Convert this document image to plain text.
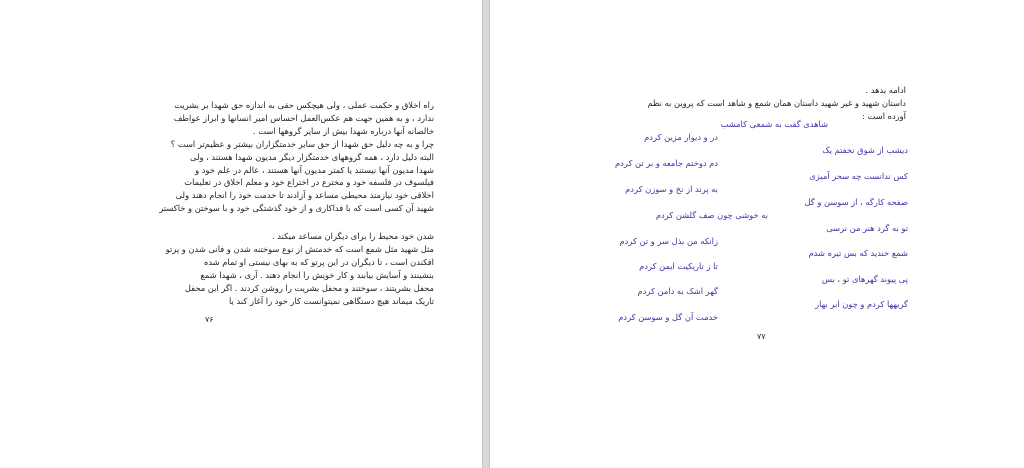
راه اخلاق و حکمت عملی ، ولی هیچکس حقی به اندازه حق شهدا بر بشریت
ندارد ، و به همین جهت هم عکس‌العمل احساس امیر انسانها و ابراز عواطف
خالصانه آنها درباره شهدا بیش از سایر گروهها است .
چرا و به چه دلیل حق شهدا از حق سایر خدمتگزاران بیشتر و عظیم‌تر است ؟
البته دلیل دارد ، همه گروههای خدمتگزار دیگر مدیون شهدا هستند ، ولی
شهدا مدیون آنها نیستند یا کمتر مدیون آنها هستند ، عالم در علم خود و
فیلسوف در فلسفه خود و مخترع در اختراع خود و معلم اخلاق در تعلیمات
اخلاقی خود نیازمند محیطی مساعد و آزادند تا خدمت خود را انجام دهند ولی
شهید آن کسی است که با فداکاری و از خود گذشتگی خود و با سوختن و خاکستر
شدن خود محیط را برای دیگران مساعد میکند .
مثل شهید مثل شمع است که خدمتش از نوع سوختنه شدن و فانی شدن و پرتو
افکندن است ، تا دیگران در این پرتو که به بهای نیستی او تمام شده
بنشینند و آسایش بیابند و کار خویش را انجام دهند . آری ، شهدا شمع
محفل بشریتند ، سوختند و محفل بشریت را روشن کردند . اگر این محفل
تاریک میماند هیچ دستگاهی نمیتوانست کار خود را آغاز کند یا
۷۶
ادامه بدهد .
داستان شهید و غیر شهید داستان همان شمع و شاهد است که پروین به نظم
آورده است :
شاهدی گفت به شمعی کامشب
دیشب از شوق نخفتم یک
کس ندانست چه سحر آمیزی
صفحه کارگه ، از سوسن و گل
تو به گرد هنر من نرسی
شمع خندید که بس تیره شدم
پی پیوند گهرهای تو ، بس
گریهها کردم و چون ابر بهار
در و دیوار مزین کردم
دم دوختم جامعه و بر تن کردم
به پرند از نخ و سوزن کردم
به خوشی چون صف گلشن کردم
زانکه من بذل سر و تن کردم
تا ز تاریکیت ایمن کردم
گهر اشک به دامن کردم
خدمت آن گل و سوسن کردم
۷۷
